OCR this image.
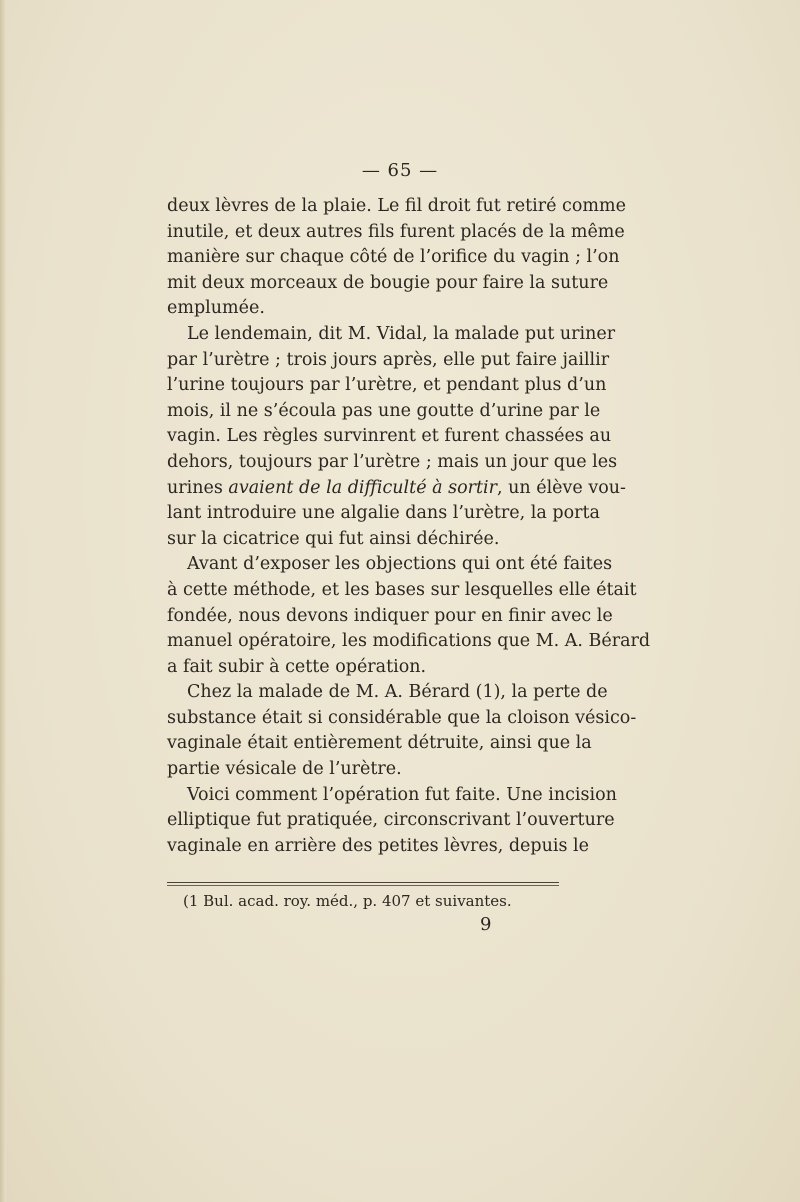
— 65 —
deux lèvres de la plaie. Le fil droit fut retiré comme
inutile, et deux autres fils furent placés de la même
manière sur chaque côté de l’orifice du vagin ; l’on
mit deux morceaux de bougie pour faire la suture
emplumée.
Le lendemain, dit M. Vidal, la malade put uriner
par l’urètre ; trois jours après, elle put faire jaillir
l’urine toujours par l’urètre, et pendant plus d’un
mois, il ne s’écoula pas une goutte d’urine par le
vagin. Les règles survinrent et furent chassées au
dehors, toujours par l’urètre ; mais un jour que les
urines avaient de la difficulté à sortir, un élève vou-
lant introduire une algalie dans l’urètre, la porta
sur la cicatrice qui fut ainsi déchirée.
Avant d’exposer les objections qui ont été faites
à cette méthode, et les bases sur lesquelles elle était
fondée, nous devons indiquer pour en finir avec le
manuel opératoire, les modifications que M. A. Bérard
a fait subir à cette opération.
Chez la malade de M. A. Bérard (1), la perte de
substance était si considérable que la cloison vésico-
vaginale était entièrement détruite, ainsi que la
partie vésicale de l’urètre.
Voici comment l’opération fut faite. Une incision
elliptique fut pratiquée, circonscrivant l’ouverture
vaginale en arrière des petites lèvres, depuis le
(1 Bul. acad. roy. méd., p. 407 et suivantes.
9
